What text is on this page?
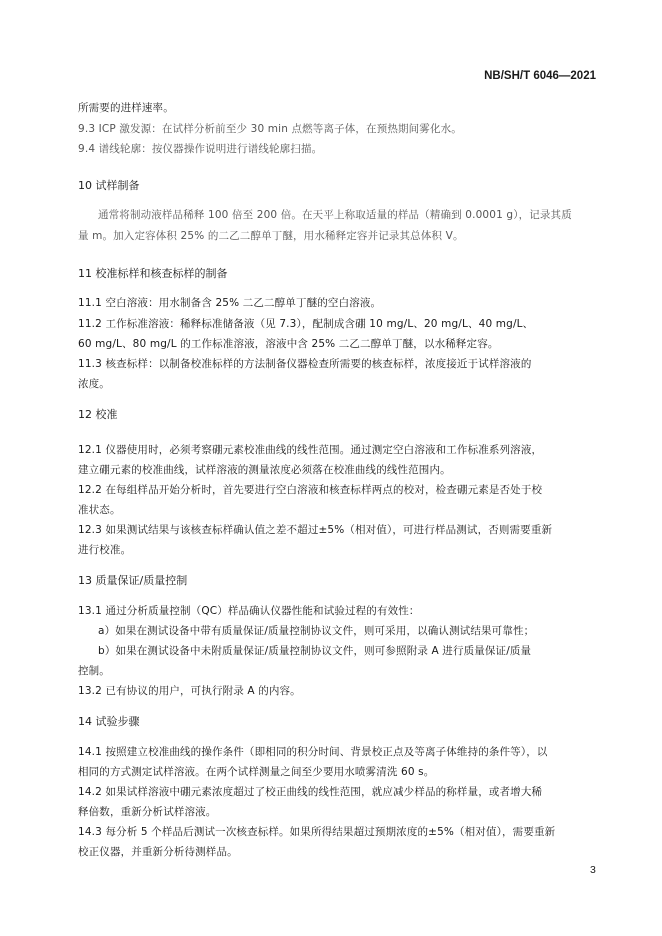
NB/SH/T 6046—2021
所需要的进样速率。
9.3 ICP 激发源：在试样分析前至少 30 min 点燃等离子体，在预热期间雾化水。
9.4 谱线轮廓：按仪器操作说明进行谱线轮廓扫描。
10 试样制备
通常将制动液样品稀释 100 倍至 200 倍。在天平上称取适量的样品（精确到 0.0001 g），记录其质
量 m。加入定容体积 25% 的二乙二醇单丁醚，用水稀释定容并记录其总体积 V。
11 校准标样和核查标样的制备
11.1 空白溶液：用水制备含 25% 二乙二醇单丁醚的空白溶液。
11.2 工作标准溶液：稀释标准储备液（见 7.3），配制成含硼 10 mg/L、20 mg/L、40 mg/L、
60 mg/L、80 mg/L 的工作标准溶液，溶液中含 25% 二乙二醇单丁醚，以水稀释定容。
11.3 核查标样：以制备校准标样的方法制备仪器检查所需要的核查标样，浓度接近于试样溶液的
浓度。
12 校准
12.1 仪器使用时，必须考察硼元素校准曲线的线性范围。通过测定空白溶液和工作标准系列溶液，
建立硼元素的校准曲线，试样溶液的测量浓度必须落在校准曲线的线性范围内。
12.2 在每组样品开始分析时，首先要进行空白溶液和核查标样两点的校对，检查硼元素是否处于校
准状态。
12.3 如果测试结果与该核查标样确认值之差不超过±5%（相对值），可进行样品测试，否则需要重新
进行校准。
13 质量保证/质量控制
13.1 通过分析质量控制（QC）样品确认仪器性能和试验过程的有效性：
a）如果在测试设备中带有质量保证/质量控制协议文件，则可采用，以确认测试结果可靠性；
b）如果在测试设备中未附质量保证/质量控制协议文件，则可参照附录 A 进行质量保证/质量
控制。
13.2 已有协议的用户，可执行附录 A 的内容。
14 试验步骤
14.1 按照建立校准曲线的操作条件（即相同的积分时间、背景校正点及等离子体维持的条件等），以
相同的方式测定试样溶液。在两个试样测量之间至少要用水喷雾清洗 60 s。
14.2 如果试样溶液中硼元素浓度超过了校正曲线的线性范围，就应减少样品的称样量，或者增大稀
释倍数，重新分析试样溶液。
14.3 每分析 5 个样品后测试一次核查标样。如果所得结果超过预期浓度的±5%（相对值），需要重新
校正仪器，并重新分析待测样品。
3
